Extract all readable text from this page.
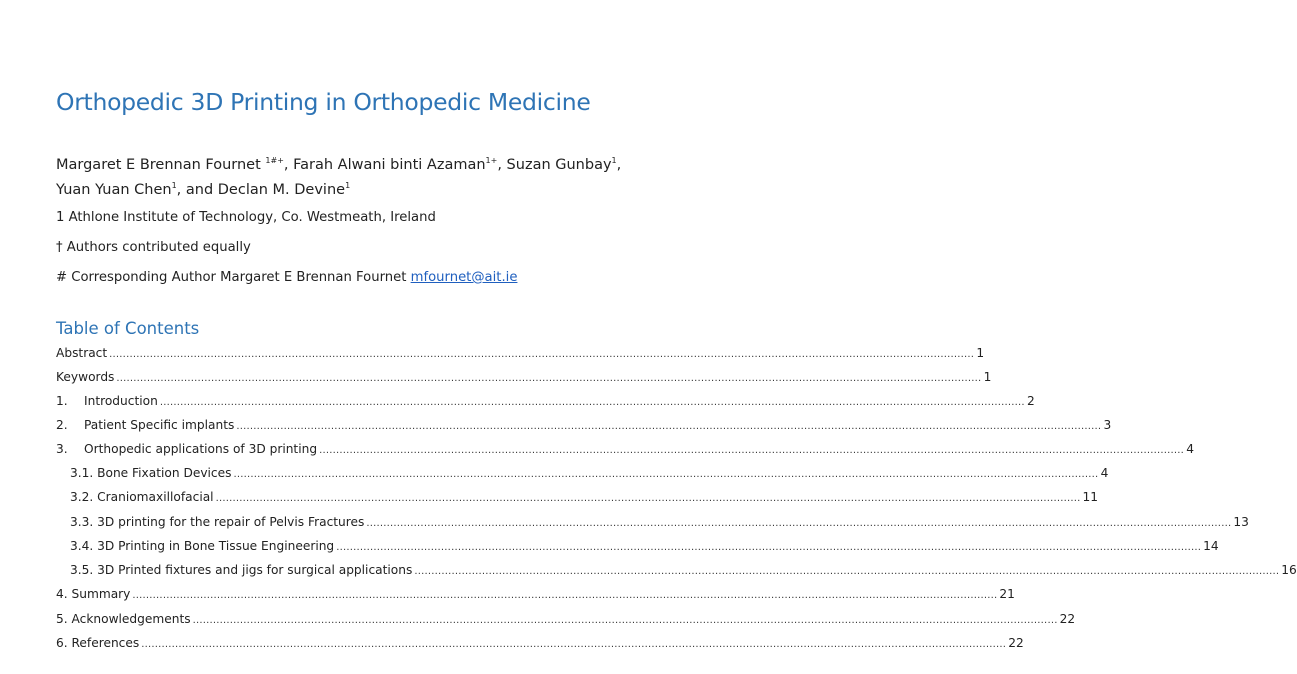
Orthopedic 3D Printing in Orthopedic Medicine
Margaret E Brennan Fournet $^{1\#+}$, Farah Alwani binti Azaman$^{1+}$, Suzan Gunbay$^1$,
Yuan Yuan Chen$^1$, and Declan M. Devine$^1$
1 Athlone Institute of Technology, Co. Westmeath, Ireland
† Authors contributed equally
# Corresponding Author Margaret E Brennan Fournet mfournet@ait.ie
Table of Contents
Abstract ................................................................................................................................................................................................................................................................ 1
Keywords ................................................................................................................................................................................................................................................................ 1
1.	Introduction ................................................................................................................................................................................................................................................................ 2
2.	Patient Specific implants ................................................................................................................................................................................................................................................................ 3
3.	Orthopedic applications of 3D printing ................................................................................................................................................................................................................................................................ 4
3.1. Bone Fixation Devices ................................................................................................................................................................................................................................................................ 4
3.2. Craniomaxillofacial ................................................................................................................................................................................................................................................................ 11
3.3. 3D printing for the repair of Pelvis Fractures ................................................................................................................................................................................................................................................................ 13
3.4. 3D Printing in Bone Tissue Engineering ................................................................................................................................................................................................................................................................ 14
3.5. 3D Printed fixtures and jigs for surgical applications ................................................................................................................................................................................................................................................................ 16
4. Summary ................................................................................................................................................................................................................................................................ 21
5. Acknowledgements ................................................................................................................................................................................................................................................................ 22
6. References ................................................................................................................................................................................................................................................................ 22
